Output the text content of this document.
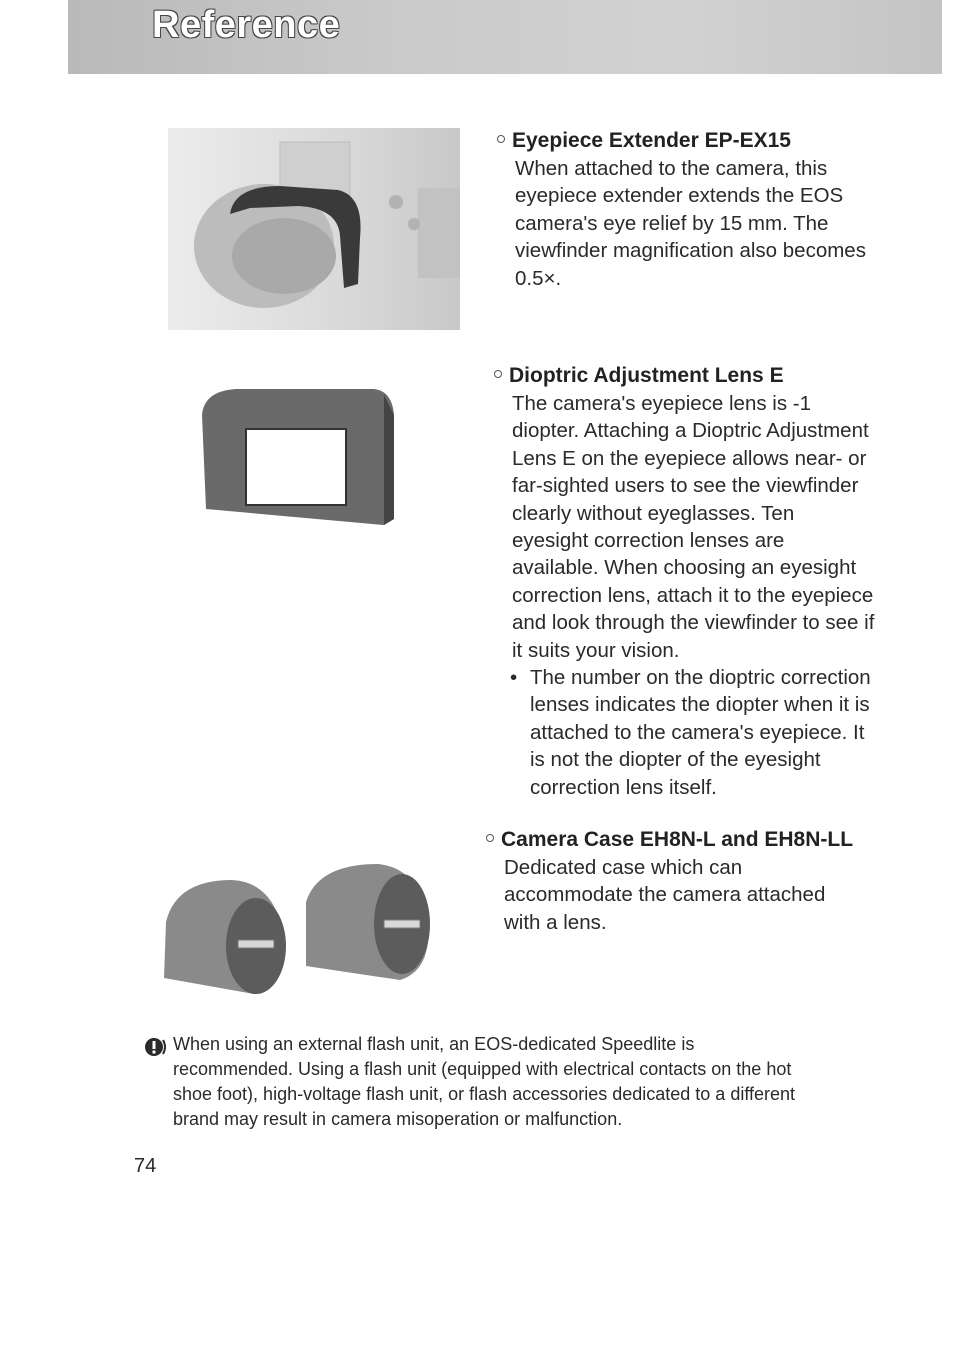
Reference
Eyepiece Extender EP-EX15

When attached to the camera, this
eyepiece extender extends the EOS
camera's eye relief by 15 mm. The
viewfinder magnification also becomes
0.5×.

Dioptric Adjustment Lens E

The camera's eyepiece lens is -1
diopter. Attaching a Dioptric Adjustment
Lens E on the eyepiece allows near- or
far-sighted users to see the viewfinder
clearly without eyeglasses. Ten
eyesight correction lenses are
available. When choosing an eyesight
correction lens, attach it to the eyepiece
and look through the viewfinder to see if
it suits your vision.

• The number on the dioptric correction
lenses indicates the diopter when it is
attached to the camera's eyepiece. It
is not the diopter of the eyesight
correction lens itself.
Camera Case EH8N-L and EH8N-LL

Dedicated case which can
accommodate the camera attached
with a lens.

When using an external flash unit, an EOS-dedicated Speedlite is
recommended. Using a flash unit (equipped with electrical contacts on the hot
shoe foot), high-voltage flash unit, or flash accessories dedicated to a different
brand may result in camera misoperation or malfunction.
74
